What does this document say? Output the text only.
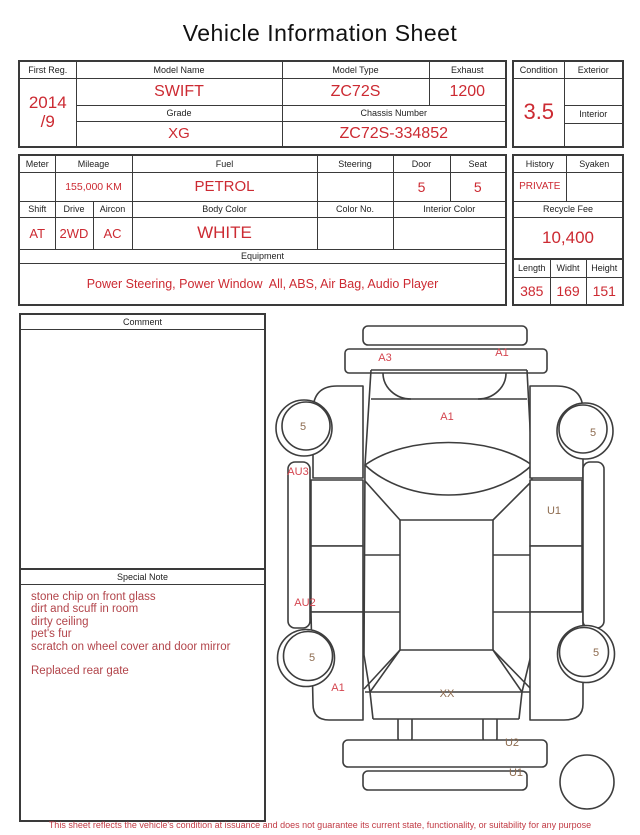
Vehicle Information Sheet
First Reg.	Model Name	Model Type	Exhaust

2014
/9	SWIFT	ZC72S	1200
	Grade	Chassis Number	
	XG	ZC72S-334852	
Condition	Exterior
3.5	
	Interior

Meter	Mileage		Fuel	Steering	Door	Seat
	155,000 KM		PETROL		5	5
Shift	Drive	Aircon	Body Color	Color No.	Interior Color	
AT	2WD	AC	WHITE			
Equipment						
Power Steering, Power Window  All, ABS, Air Bag, Audio Player						
History	Syaken
PRIVATE	
Recycle Fee	
10,400	
Length	Widht	Height
385	169	151
Comment
Special Note
stone chip on front glass
dirt and scuff in room
dirty ceiling
pet's fur
scratch on wheel cover and door mirror
Replaced rear gate
A3	A1
A1
5	5
AU3
U1
AU2
5	5
A1	XX
U2
U1
This sheet reflects the vehicle's condition at issuance and does not guarantee its current state, functionality, or suitability for any purpose
